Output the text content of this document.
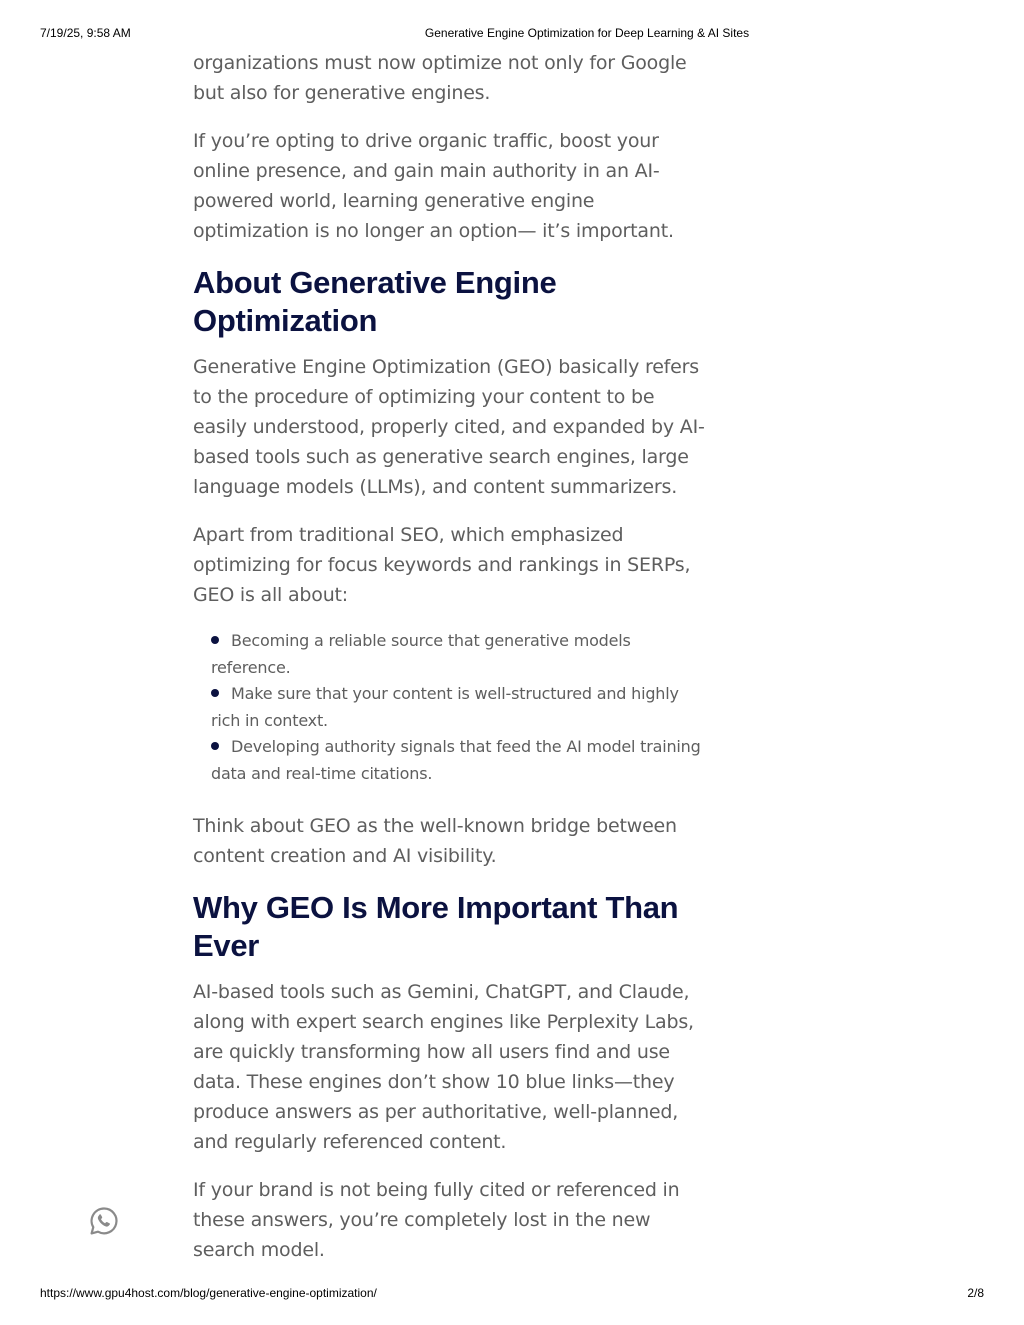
7/19/25, 9:58 AM	Generative Engine Optimization for Deep Learning & AI Sites

organizations must now optimize not only for Google but also for generative engines.

If you’re opting to drive organic traffic, boost your online presence, and gain main authority in an AI-powered world, learning generative engine optimization is no longer an option— it’s important.

About Generative Engine Optimization

Generative Engine Optimization (GEO) basically refers to the procedure of optimizing your content to be easily understood, properly cited, and expanded by AI-based tools such as generative search engines, large language models (LLMs), and content summarizers.

Apart from traditional SEO, which emphasized optimizing for focus keywords and rankings in SERPs, GEO is all about:

Becoming a reliable source that generative models reference.
Make sure that your content is well-structured and highly rich in context.
Developing authority signals that feed the AI model training data and real-time citations.

Think about GEO as the well-known bridge between content creation and AI visibility.

Why GEO Is More Important Than Ever

AI-based tools such as Gemini, ChatGPT, and Claude, along with expert search engines like Perplexity Labs, are quickly transforming how all users find and use data. These engines don’t show 10 blue links—they produce answers as per authoritative, well-planned, and regularly referenced content.

If your brand is not being fully cited or referenced in these answers, you’re completely lost in the new search model.

https://www.gpu4host.com/blog/generative-engine-optimization/	2/8
